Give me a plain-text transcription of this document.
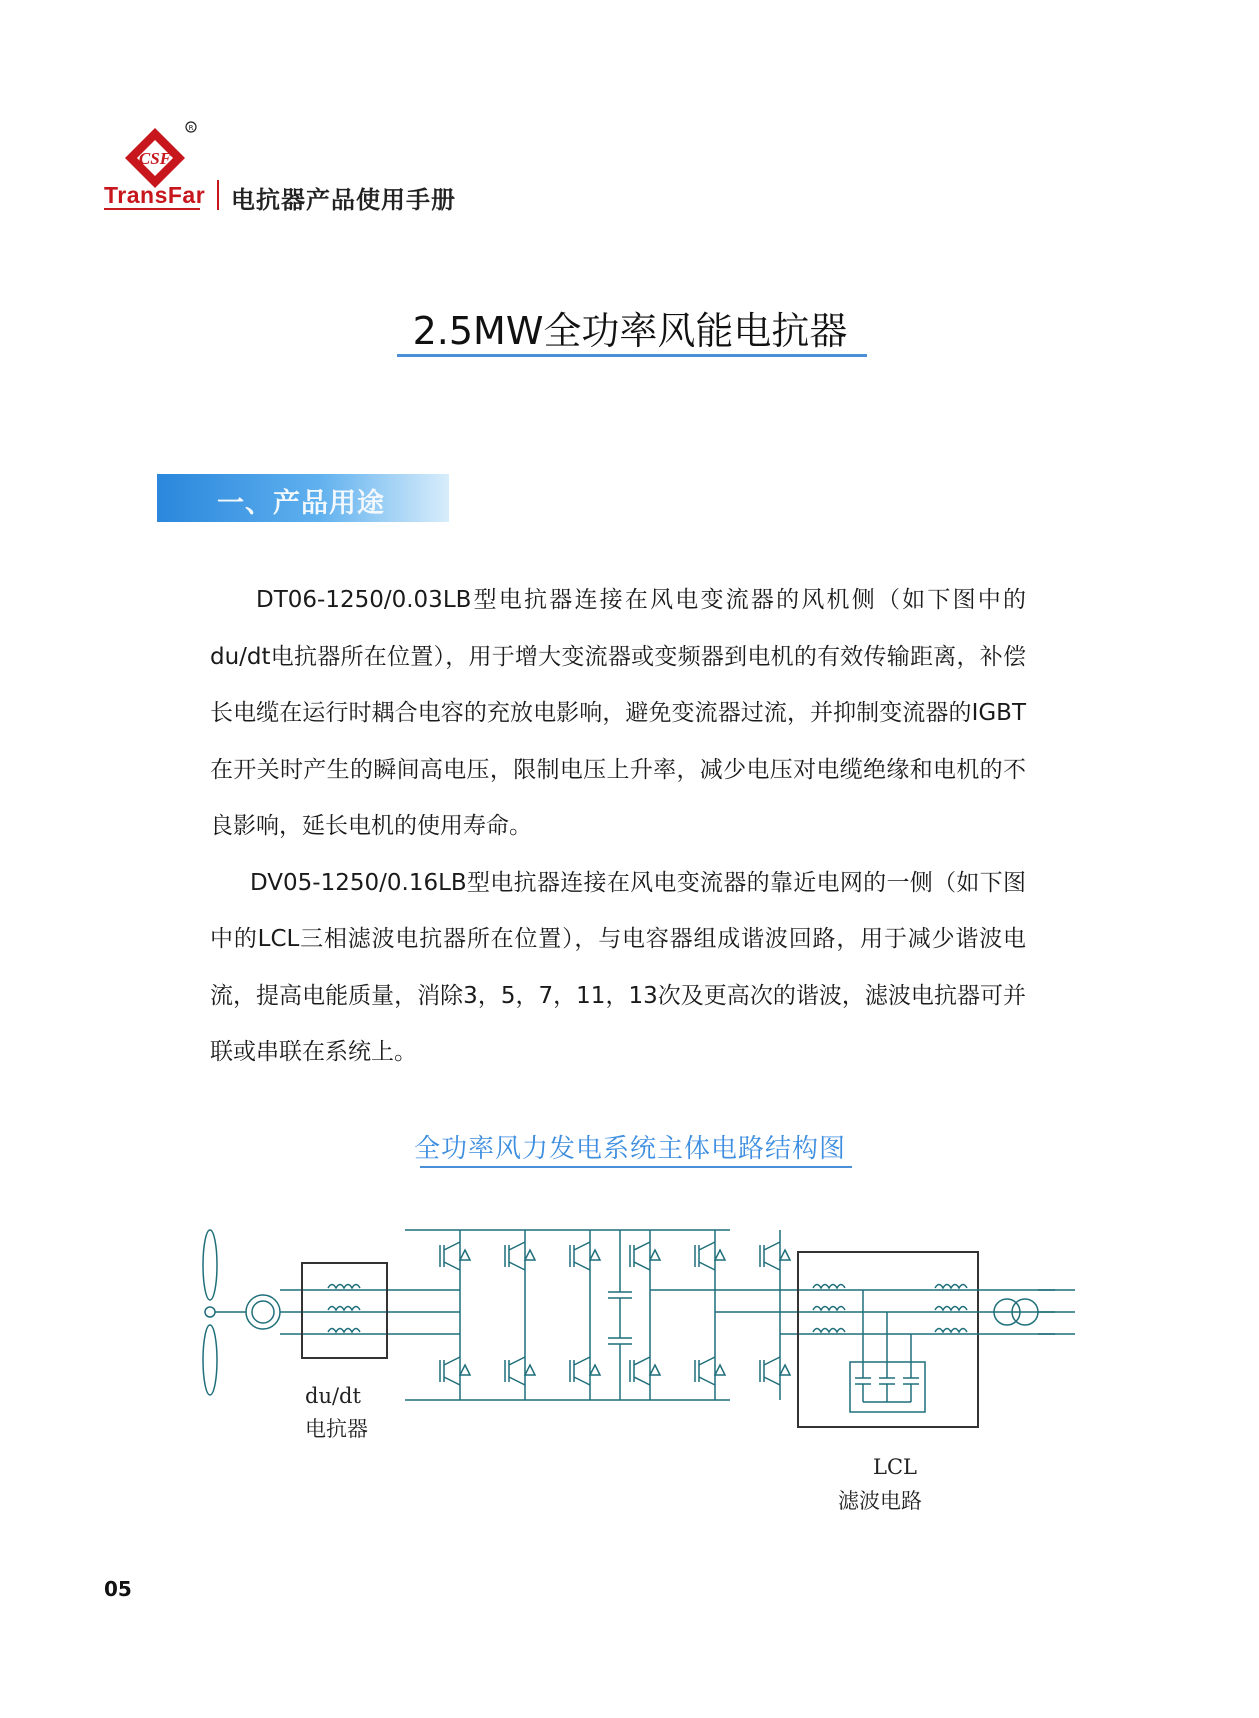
CSF
R
TransFar 电抗器产品使用手册
2.5MW全功率风能电抗器
一、产品用途

DT06-1250/0.03LB型电抗器连接在风电变流器的风机侧（如下图中的du/dt电抗器所在位置），用于增大变流器或变频器到电机的有效传输距离，补偿长电缆在运行时耦合电容的充放电影响，避免变流器过流，并抑制变流器的IGBT在开关时产生的瞬间高电压，限制电压上升率，减少电压对电缆绝缘和电机的不良影响，延长电机的使用寿命。

DV05-1250/0.16LB型电抗器连接在风电变流器的靠近电网的一侧（如下图中的LCL三相滤波电抗器所在位置），与电容器组成谐波回路，用于减少谐波电流，提高电能质量，消除3，5，7，11，13次及更高次的谐波，滤波电抗器可并联或串联在系统上。

全功率风力发电系统主体电路结构图
du/dt
电抗器
LCL
滤波电路
05
